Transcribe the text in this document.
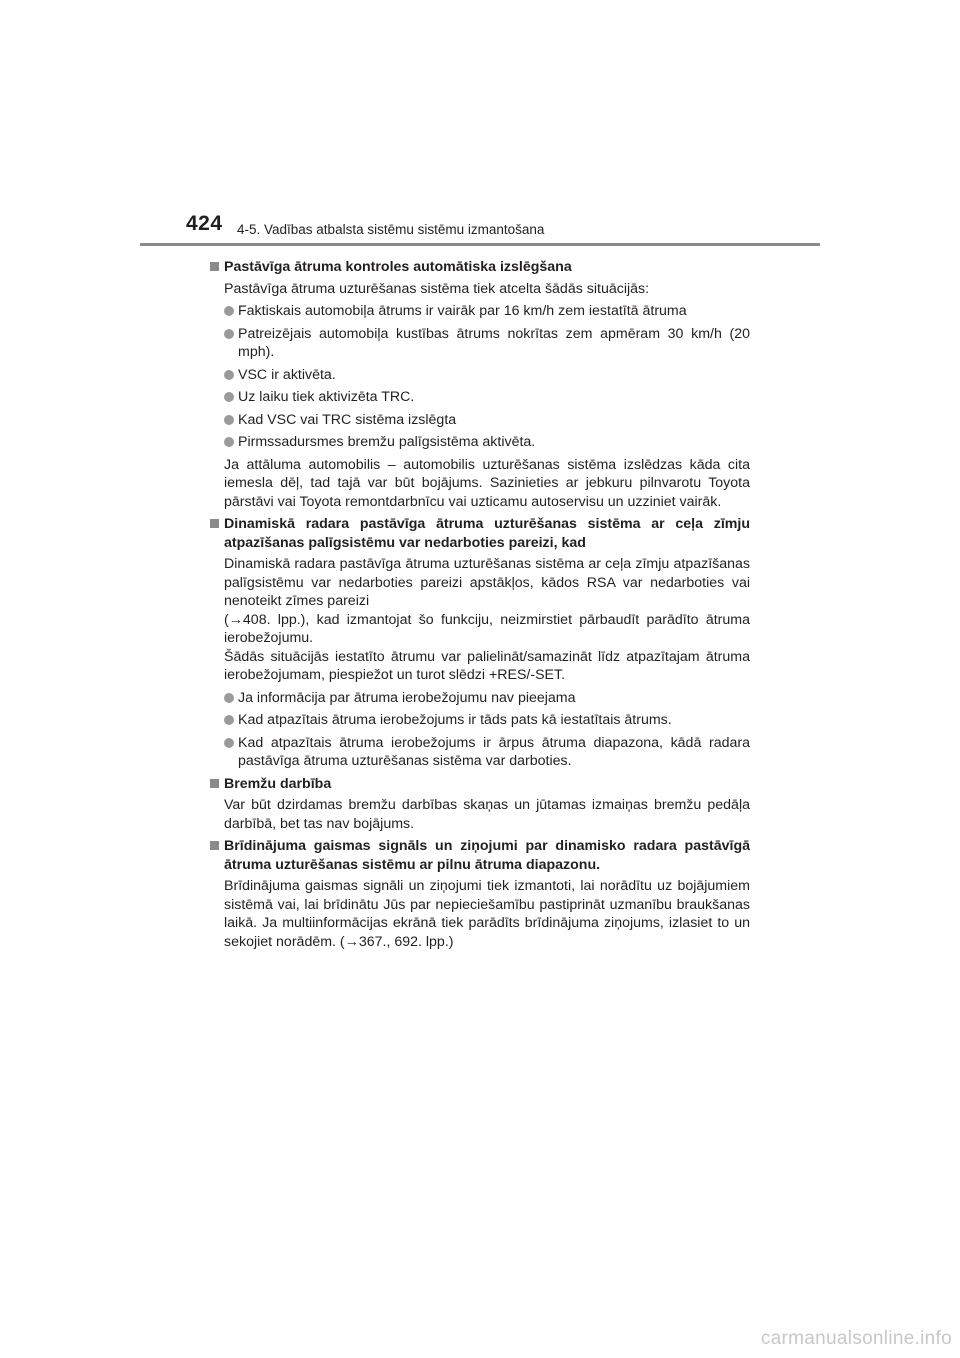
424 4-5. Vadības atbalsta sistēmu sistēmu izmantošana
Pastāvīga ātruma kontroles automātiska izslēgšana
Pastāvīga ātruma uzturēšanas sistēma tiek atcelta šādās situācijās:
Faktiskais automobiļa ātrums ir vairāk par 16 km/h zem iestatītā ātruma
Patreizējais automobiļa kustības ātrums nokrītas zem apmēram 30 km/h (20 mph).
VSC ir aktivēta.
Uz laiku tiek aktivizēta TRC.
Kad VSC vai TRC sistēma izslēgta
Pirmssadursmes bremžu palīgsistēma aktivēta.
Ja attāluma automobilis – automobilis uzturēšanas sistēma izslēdzas kāda cita iemesla dēļ, tad tajā var būt bojājums. Sazinieties ar jebkuru pilnvarotu Toyota pārstāvi vai Toyota remontdarbnīcu vai uzticamu autoservisu un uzziniet vairāk.
Dinamiskā radara pastāvīga ātruma uzturēšanas sistēma ar ceļa zīmju atpazīšanas palīgsistēmu var nedarboties pareizi, kad
Dinamiskā radara pastāvīga ātruma uzturēšanas sistēma ar ceļa zīmju atpazīšanas palīgsistēmu var nedarboties pareizi apstākļos, kādos RSA var nedarboties vai nenoteikt zīmes pareizi
(→408. lpp.), kad izmantojat šo funkciju, neizmirstiet pārbaudīt parādīto ātruma ierobežojumu.
Šādās situācijās iestatīto ātrumu var palielināt/samazināt līdz atpazītajam ātruma ierobežojumam, piespiežot un turot slēdzi +RES/-SET.
Ja informācija par ātruma ierobežojumu nav pieejama
Kad atpazītais ātruma ierobežojums ir tāds pats kā iestatītais ātrums.
Kad atpazītais ātruma ierobežojums ir ārpus ātruma diapazona, kādā radara pastāvīga ātruma uzturēšanas sistēma var darboties.
Bremžu darbība
Var būt dzirdamas bremžu darbības skaņas un jūtamas izmaiņas bremžu pedāļa darbībā, bet tas nav bojājums.
Brīdinājuma gaismas signāls un ziņojumi par dinamisko radara pastāvīgā ātruma uzturēšanas sistēmu ar pilnu ātruma diapazonu.
Brīdinājuma gaismas signāli un ziņojumi tiek izmantoti, lai norādītu uz bojājumiem sistēmā vai, lai brīdinātu Jūs par nepieciešamību pastiprināt uzmanību braukšanas laikā. Ja multiinformācijas ekrānā tiek parādīts brīdinājuma ziņojums, izlasiet to un sekojiet norādēm. (→367., 692. lpp.)
carmanualsonline.info
